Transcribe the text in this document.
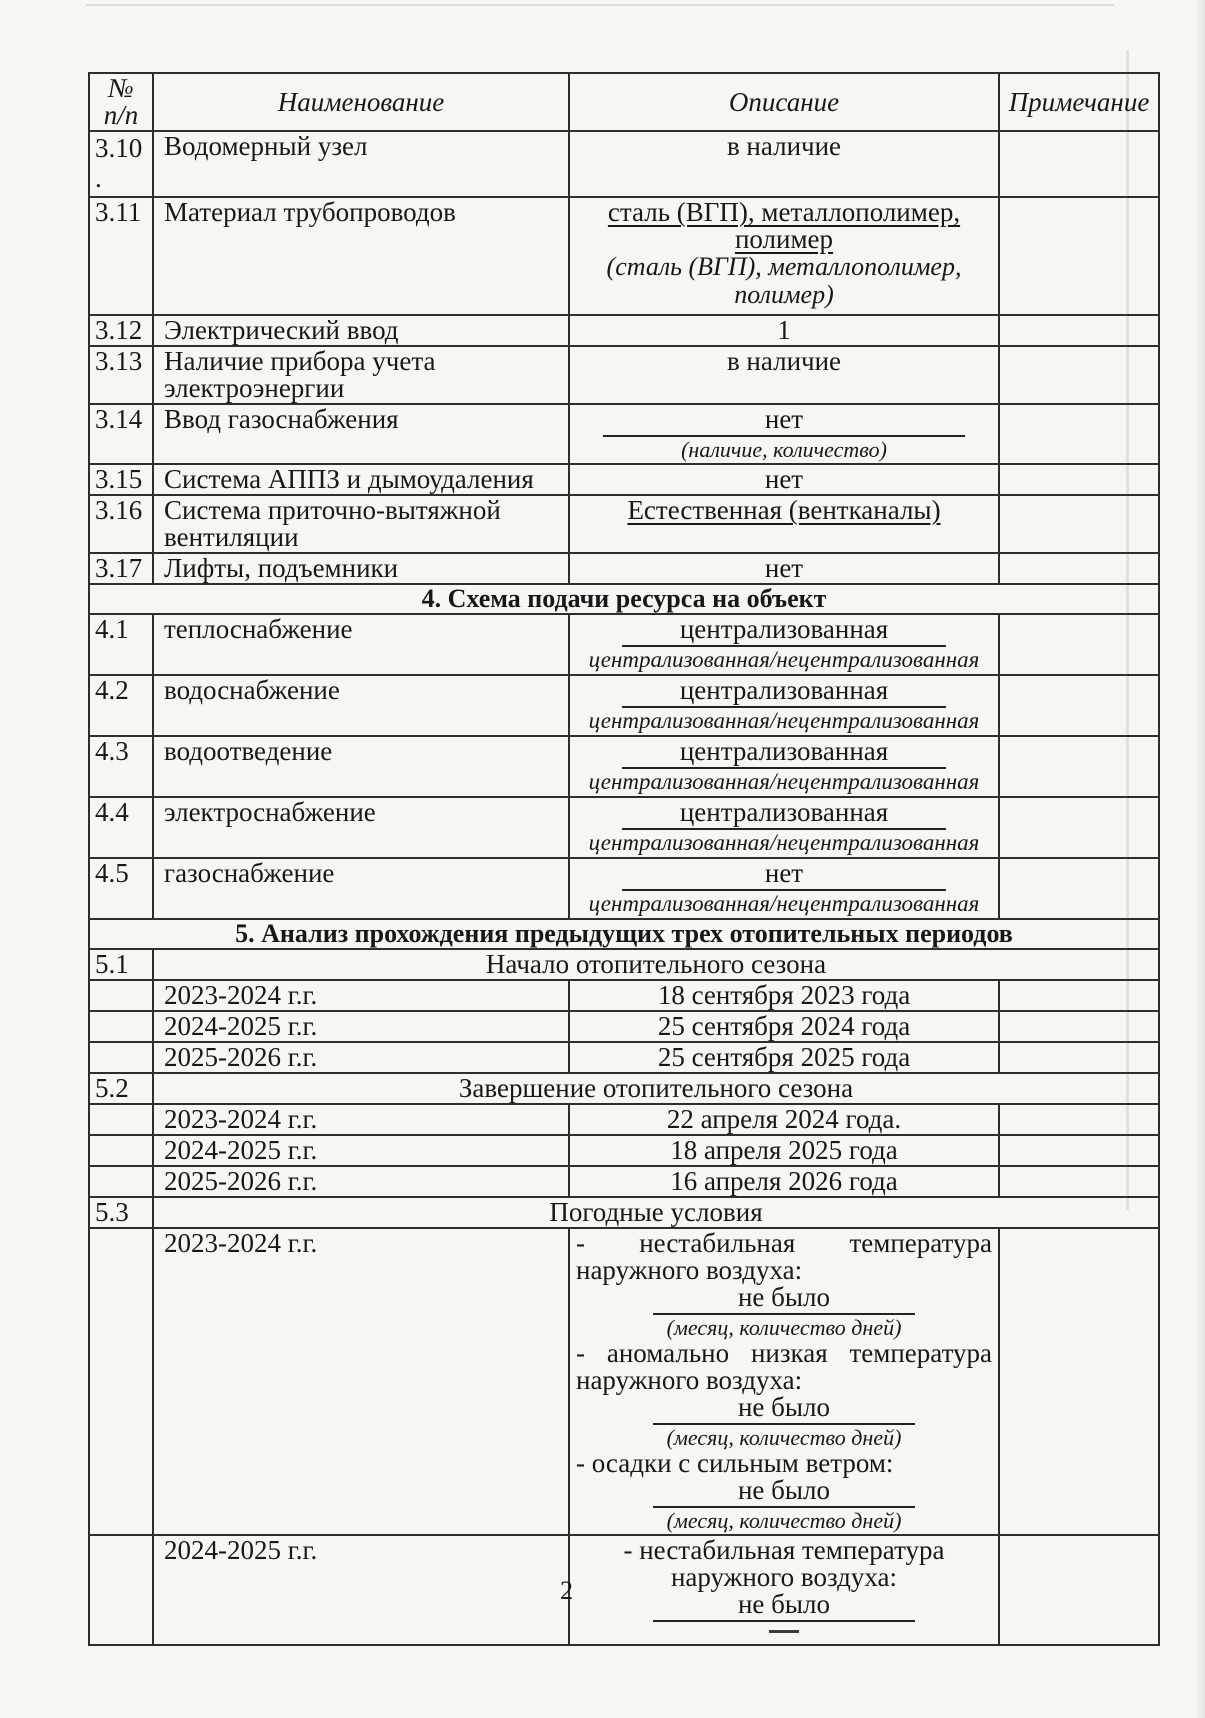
№
п/п	Наименование	Описание	Примечание

3.10
.	Водомерный узел	в наличие	
3.11	Материал трубопроводов	сталь (ВГП), металлополимер,
полимер
(сталь (ВГП), металлополимер,
полимер)	

3.12	Электрический ввод	1	
3.13	Наличие прибора учета электроэнергии	в наличие	
3.14	Ввод газоснабжения	нет
(наличие, количество)	

3.15	Система АППЗ и дымоудаления	нет	
3.16	Система приточно-вытяжной вентиляции	Естественная (вентканалы)	
3.17	Лифты, подъемники	нет	
4. Схема подачи ресурса на объект			
4.1	теплоснабжение	централизованная
централизованная/нецентрализованная	

4.2	водоснабжение	централизованная
централизованная/нецентрализованная	

4.3	водоотведение	централизованная
централизованная/нецентрализованная	

4.4	электроснабжение	централизованная
централизованная/нецентрализованная	

4.5	газоснабжение	нет
централизованная/нецентрализованная	

5. Анализ прохождения предыдущих трех отопительных периодов			
5.1	Начало отопительного сезона		
	2023-2024 г.г.	18 сентября 2023 года	
	2024-2025 г.г.	25 сентября 2024 года	
	2025-2026 г.г.	25 сентября 2025 года	
5.2	Завершение отопительного сезона		
	2023-2024 г.г.	22 апреля 2024 года.	
	2024-2025 г.г.	18 апреля 2025 года	
	2025-2026 г.г.	16 апреля 2026 года	
5.3	Погодные условия		
	2023-2024 г.г.	- нестабильная температура
наружного воздуха:
не было
(месяц, количество дней)
- аномально низкая температура
наружного воздуха:
не было
(месяц, количество дней)
- осадки с сильным ветром:
не было
(месяц, количество дней)

	2024-2025 г.г.	- нестабильная температура
наружного воздуха:
не было	

2
